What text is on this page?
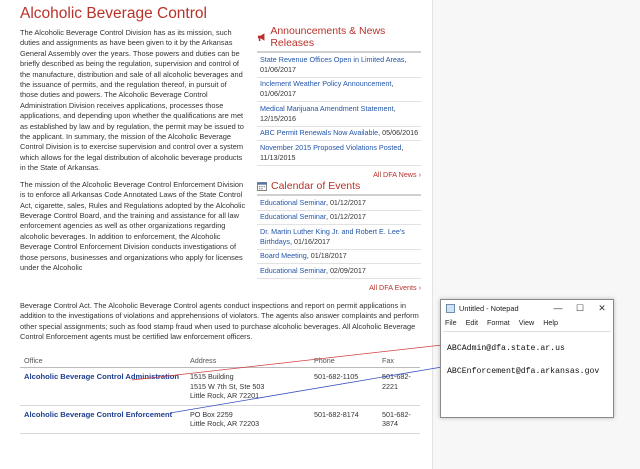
Alcoholic Beverage Control

The Alcoholic Beverage Control Division has as its mission, such duties and assignments as have been given to it by the Arkansas General Assembly over the years. Those powers and duties can be briefly described as being the regulation, supervision and control of the manufacture, distribution and sale of all alcoholic beverages and the issuance of permits, and the regulation thereof, in pursuit of those duties and powers. The Alcoholic Beverage Control Administration Division receives applications, processes those applications, and depending upon whether the qualifications are met as established by law and by regulation, the permit may be issued to the applicant. In summary, the mission of the Alcoholic Beverage Control Division is to exercise supervision and control over a system which allows for the legal distribution of alcoholic beverage products in the State of Arkansas.

The mission of the Alcoholic Beverage Control Enforcement Division is to enforce all Arkansas Code Annotated Laws of the State Control Act, cigarette, sales, Rules and Regulations adopted by the Alcoholic Beverage Control Board, and the training and assistance for all law enforcement agencies as well as other organizations regarding alcoholic beverages. In addition to enforcement, the Alcoholic Beverage Control Enforcement Division conducts investigations of those persons, businesses and organizations who apply for licenses under the Alcoholic

Beverage Control Act. The Alcoholic Beverage Control agents conduct inspections and report on permit applications in addition to the investigations of violations and apprehensions of violators. The agents also answer complaints and perform other special assignments; such as food stamp fraud when used to purchase alcoholic beverages. All Alcoholic Beverage Control Enforcement agents must be certified law enforcement officers.
Announcements & News Releases
State Revenue Offices Open in Limited Areas, 01/06/2017
Inclement Weather Policy Announcement, 01/06/2017
Medical Marijuana Amendment Statement, 12/15/2016
ABC Permit Renewals Now Available, 05/06/2016
November 2015 Proposed Violations Posted, 11/13/2015
All DFA News ›
Calendar of Events
Educational Seminar, 01/12/2017
Educational Seminar, 01/12/2017
Dr. Martin Luther King Jr. and Robert E. Lee's Birthdays, 01/16/2017
Board Meeting, 01/18/2017
Educational Seminar, 02/09/2017
All DFA Events ›
Office	Address	Phone	Fax
Alcoholic Beverage Control Administration	1515 Building
1515 W 7th St, Ste 503
Little Rock, AR 72201	501-682-1105	501-682-2221
Alcoholic Beverage Control Enforcement	PO Box 2259
Little Rock, AR 72203	501-682-8174	501-682-3874
Untitled - Notepad	—	☐	✕
File Edit Format View Help
ABCAdmin@dfa.state.ar.us
ABCEnforcement@dfa.arkansas.gov
